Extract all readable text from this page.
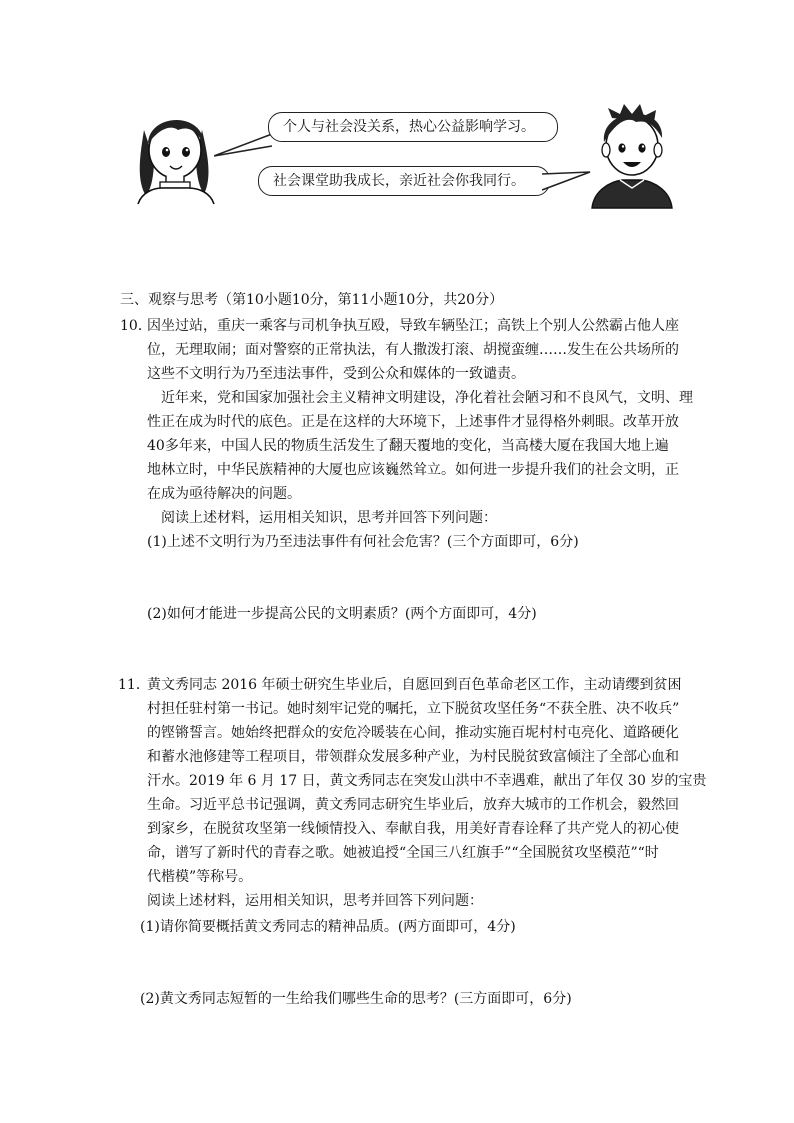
个人与社会没关系，热心公益影响学习。
社会课堂助我成长，亲近社会你我同行。
三、观察与思考（第10小题10分，第11小题10分，共20分）
10．
因坐过站，重庆一乘客与司机争执互殴，导致车辆坠江；高铁上个别人公然霸占他人座
位，无理取闹；面对警察的正常执法，有人撒泼打滚、胡搅蛮缠……发生在公共场所的
这些不文明行为乃至违法事件，受到公众和媒体的一致谴责。
　近年来，党和国家加强社会主义精神文明建设，净化着社会陋习和不良风气，文明、理
性正在成为时代的底色。正是在这样的大环境下，上述事件才显得格外刺眼。改革开放
40多年来，中国人民的物质生活发生了翻天覆地的变化，当高楼大厦在我国大地上遍
地林立时，中华民族精神的大厦也应该巍然耸立。如何进一步提升我们的社会文明，正
在成为亟待解决的问题。
　阅读上述材料，运用相关知识，思考并回答下列问题：
(1)上述不文明行为乃至违法事件有何社会危害？(三个方面即可，6分)
(2)如何才能进一步提高公民的文明素质？(两个方面即可，4分)
11．
黄文秀同志 2016 年硕士研究生毕业后，自愿回到百色革命老区工作，主动请缨到贫困
村担任驻村第一书记。她时刻牢记党的嘱托，立下脱贫攻坚任务“不获全胜、决不收兵”
的铿锵誓言。她始终把群众的安危冷暖装在心间，推动实施百坭村村屯亮化、道路硬化
和蓄水池修建等工程项目，带领群众发展多种产业，为村民脱贫致富倾注了全部心血和
汗水。2019 年 6 月 17 日，黄文秀同志在突发山洪中不幸遇难，献出了年仅 30 岁的宝贵
生命。习近平总书记强调，黄文秀同志研究生毕业后，放弃大城市的工作机会，毅然回
到家乡，在脱贫攻坚第一线倾情投入、奉献自我，用美好青春诠释了共产党人的初心使
命，谱写了新时代的青春之歌。她被追授“全国三八红旗手”“全国脱贫攻坚模范”“时
代楷模”等称号。
阅读上述材料，运用相关知识，思考并回答下列问题：
(1)请你简要概括黄文秀同志的精神品质。(两方面即可，4分)
(2)黄文秀同志短暂的一生给我们哪些生命的思考？(三方面即可，6分)
